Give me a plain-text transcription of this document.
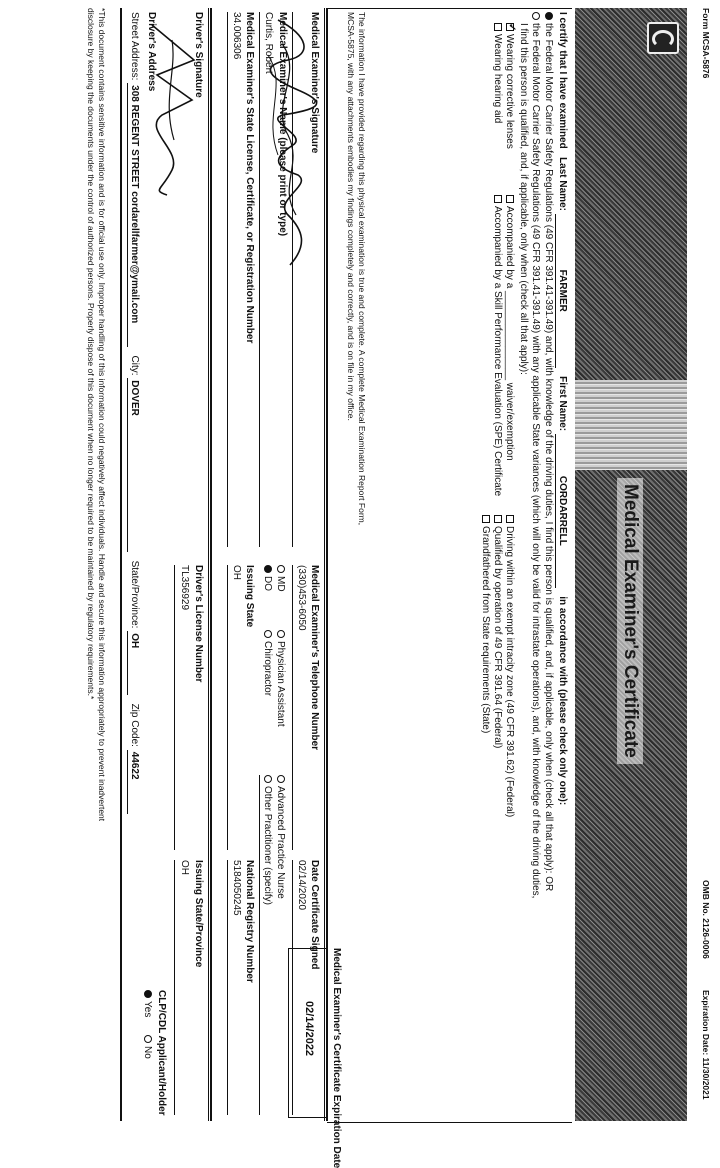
Form MCSA-5876
OMB No. 2126-0006
Expiration Date: 11/30/2021
Medical Examiner's Certificate
I certify that I have examined   Last Name: FARMER   First Name: CORDARRELL   in accordance with (please check only one):
the Federal Motor Carrier Safety Regulations (49 CFR 391.41-391.49) and, with knowledge of the driving duties, I find this person is qualified, and, if applicable, only when (check all that apply): OR
the Federal Motor Carrier Safety Regulations (49 CFR 391.41-391.49) with any applicable State variances (which will only be valid for intrastate operations), and, with knowledge of the driving duties,
I find this person is qualified, and, if applicable, only when (check all that apply):
✓Wearing corrective lenses
Wearing hearing aid
Accompanied by a ________________ waiver/exemption
Accompanied by a Skill Performance Evaluation (SPE) Certificate
Driving within an exempt intracity zone (49 CFR 391.62) (Federal)
Qualified by operation of 49 CFR 391.64 (Federal)
Grandfathered from State requirements (State)
Medical Examiner's Certificate Expiration Date
02/14/2022
The information I have provided regarding this physical examination is true and complete. A complete Medical Examination Report Form,
MCSA-5875, with any attachments embodies my findings completely and correctly, and is on file in my office.
Medical Examiner's Signature
Medical Examiner's Telephone Number
Date Certificate Signed
(330)453-6050
02/14/2020
Medical Examiner's Name (please print or type)
Curtis, Robert
MD
Physician Assistant
Advanced Practice Nurse
DO
Chiropractor
Other Practitioner (specify)
Medical Examiner's State License, Certificate, or Registration Number
Issuing State
National Registry Number
34.006306
OH
5184050245
Driver's Signature
Driver's License Number
Issuing State/Province
TL356929
OH
CLP/CDL Applicant/Holder
Yes
No
Driver's Address
Street Address: 308 REGENT STREET cordarellfarmer@ymail.com   City: DOVER   State/Province: OH   Zip Code: 44622
*This document contains sensitive information and is for official use only. Improper handling of this information could negatively affect individuals. Handle and secure this information appropriately to prevent inadvertent
disclosure by keeping the documents under the control of authorized persons. Properly dispose of this document when no longer required to be maintained by regulatory requirements.*
